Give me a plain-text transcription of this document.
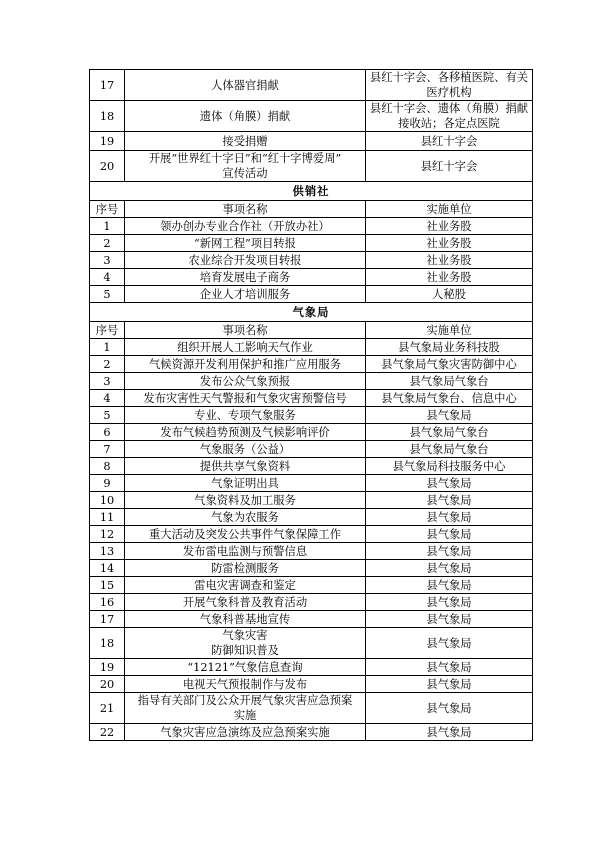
17	人体器官捐献	县红十字会、各移植医院、有关
医疗机构
18	遗体（角膜）捐献	县红十字会、遗体（角膜）捐献
接收站；各定点医院
19	接受捐赠	县红十字会
20	开展“世界红十字日”和“红十字博爱周”
宣传活动	县红十字会
供销社		
序号	事项名称	实施单位
1	领办创办专业合作社（开放办社）	社业务股
2	“新网工程”项目转报	社业务股
3	农业综合开发项目转报	社业务股
4	培育发展电子商务	社业务股
5	企业人才培训服务	人秘股
气象局		
序号	事项名称	实施单位
1	组织开展人工影响天气作业	县气象局业务科技股
2	气候资源开发利用保护和推广应用服务	县气象局气象灾害防御中心
3	发布公众气象预报	县气象局气象台
4	发布灾害性天气警报和气象灾害预警信号	县气象局气象台、信息中心
5	专业、专项气象服务	县气象局
6	发布气候趋势预测及气候影响评价	县气象局气象台
7	气象服务（公益）	县气象局气象台
8	提供共享气象资料	县气象局科技服务中心
9	气象证明出具	县气象局
10	气象资料及加工服务	县气象局
11	气象为农服务	县气象局
12	重大活动及突发公共事件气象保障工作	县气象局
13	发布雷电监测与预警信息	县气象局
14	防雷检测服务	县气象局
15	雷电灾害调查和鉴定	县气象局
16	开展气象科普及教育活动	县气象局
17	气象科普基地宣传	县气象局
18	气象灾害
防御知识普及	县气象局
19	“12121”气象信息查询	县气象局
20	电视天气预报制作与发布	县气象局
21	指导有关部门及公众开展气象灾害应急预案
实施	县气象局
22	气象灾害应急演练及应急预案实施	县气象局
